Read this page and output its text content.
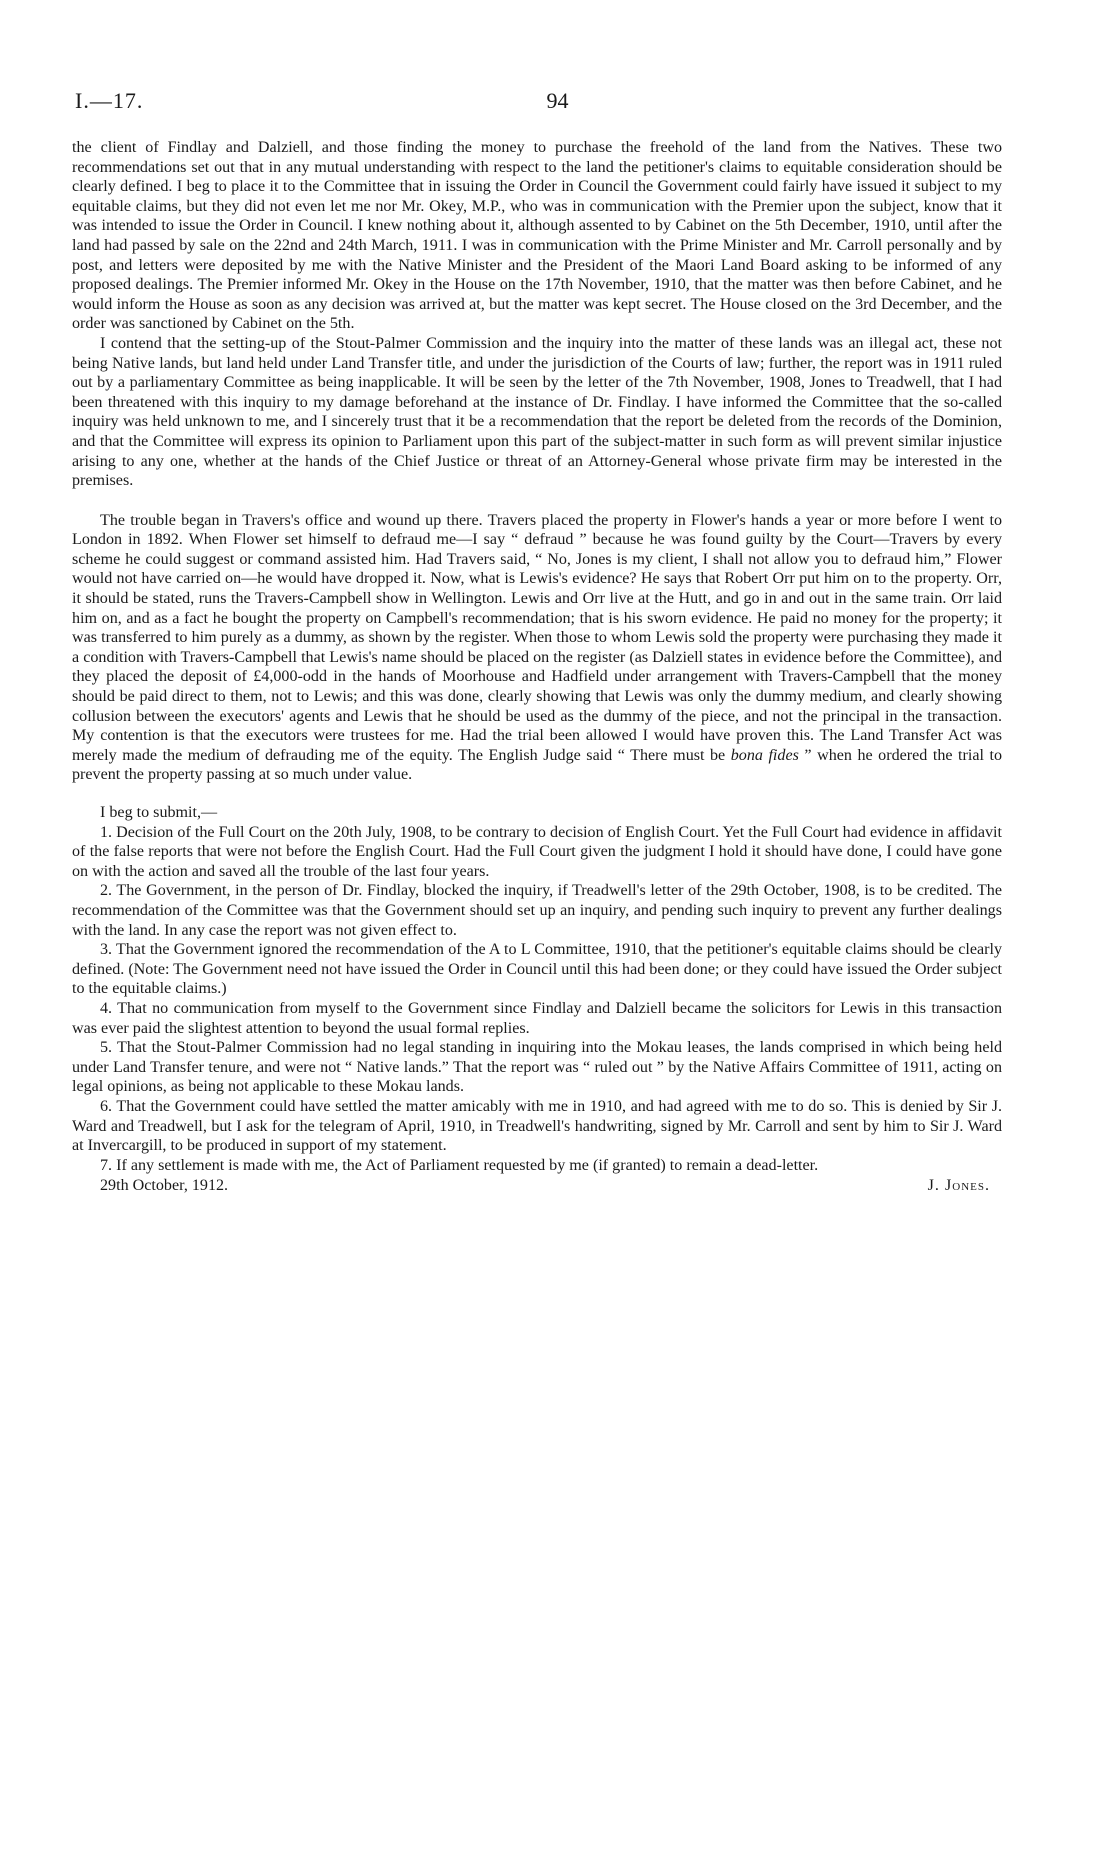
I.—17.	94

the client of Findlay and Dalziell, and those finding the money to purchase the freehold of the land from the Natives. These two recommendations set out that in any mutual understanding with respect to the land the petitioner's claims to equitable consideration should be clearly defined. I beg to place it to the Committee that in issuing the Order in Council the Government could fairly have issued it subject to my equitable claims, but they did not even let me nor Mr. Okey, M.P., who was in communication with the Premier upon the subject, know that it was intended to issue the Order in Council. I knew nothing about it, although assented to by Cabinet on the 5th December, 1910, until after the land had passed by sale on the 22nd and 24th March, 1911. I was in communication with the Prime Minister and Mr. Carroll personally and by post, and letters were deposited by me with the Native Minister and the President of the Maori Land Board asking to be informed of any proposed dealings. The Premier informed Mr. Okey in the House on the 17th November, 1910, that the matter was then before Cabinet, and he would inform the House as soon as any decision was arrived at, but the matter was kept secret. The House closed on the 3rd December, and the order was sanctioned by Cabinet on the 5th.

I contend that the setting-up of the Stout-Palmer Commission and the inquiry into the matter of these lands was an illegal act, these not being Native lands, but land held under Land Transfer title, and under the jurisdiction of the Courts of law; further, the report was in 1911 ruled out by a parliamentary Committee as being inapplicable. It will be seen by the letter of the 7th November, 1908, Jones to Treadwell, that I had been threatened with this inquiry to my damage beforehand at the instance of Dr. Findlay. I have informed the Committee that the so-called inquiry was held unknown to me, and I sincerely trust that it be a recommendation that the report be deleted from the records of the Dominion, and that the Committee will express its opinion to Parliament upon this part of the subject-matter in such form as will prevent similar injustice arising to any one, whether at the hands of the Chief Justice or threat of an Attorney-General whose private firm may be interested in the premises.

The trouble began in Travers's office and wound up there. Travers placed the property in Flower's hands a year or more before I went to London in 1892. When Flower set himself to defraud me—I say “ defraud ” because he was found guilty by the Court—Travers by every scheme he could suggest or command assisted him. Had Travers said, “ No, Jones is my client, I shall not allow you to defraud him,” Flower would not have carried on—he would have dropped it. Now, what is Lewis's evidence? He says that Robert Orr put him on to the property. Orr, it should be stated, runs the Travers-Campbell show in Wellington. Lewis and Orr live at the Hutt, and go in and out in the same train. Orr laid him on, and as a fact he bought the property on Campbell's recommendation; that is his sworn evidence. He paid no money for the property; it was transferred to him purely as a dummy, as shown by the register. When those to whom Lewis sold the property were purchasing they made it a condition with Travers-Campbell that Lewis's name should be placed on the register (as Dalziell states in evidence before the Committee), and they placed the deposit of £4,000-odd in the hands of Moorhouse and Hadfield under arrangement with Travers-Campbell that the money should be paid direct to them, not to Lewis; and this was done, clearly showing that Lewis was only the dummy medium, and clearly showing collusion between the executors' agents and Lewis that he should be used as the dummy of the piece, and not the principal in the transaction. My contention is that the executors were trustees for me. Had the trial been allowed I would have proven this. The Land Transfer Act was merely made the medium of defrauding me of the equity. The English Judge said “ There must be bona fides ” when he ordered the trial to prevent the property passing at so much under value.

I beg to submit,—

1. Decision of the Full Court on the 20th July, 1908, to be contrary to decision of English Court. Yet the Full Court had evidence in affidavit of the false reports that were not before the English Court. Had the Full Court given the judgment I hold it should have done, I could have gone on with the action and saved all the trouble of the last four years.

2. The Government, in the person of Dr. Findlay, blocked the inquiry, if Treadwell's letter of the 29th October, 1908, is to be credited. The recommendation of the Committee was that the Government should set up an inquiry, and pending such inquiry to prevent any further dealings with the land. In any case the report was not given effect to.

3. That the Government ignored the recommendation of the A to L Committee, 1910, that the petitioner's equitable claims should be clearly defined. (Note: The Government need not have issued the Order in Council until this had been done; or they could have issued the Order subject to the equitable claims.)

4. That no communication from myself to the Government since Findlay and Dalziell became the solicitors for Lewis in this transaction was ever paid the slightest attention to beyond the usual formal replies.

5. That the Stout-Palmer Commission had no legal standing in inquiring into the Mokau leases, the lands comprised in which being held under Land Transfer tenure, and were not “ Native lands.” That the report was “ ruled out ” by the Native Affairs Committee of 1911, acting on legal opinions, as being not applicable to these Mokau lands.

6. That the Government could have settled the matter amicably with me in 1910, and had agreed with me to do so. This is denied by Sir J. Ward and Treadwell, but I ask for the telegram of April, 1910, in Treadwell's handwriting, signed by Mr. Carroll and sent by him to Sir J. Ward at Invercargill, to be produced in support of my statement.

7. If any settlement is made with me, the Act of Parliament requested by me (if granted) to remain a dead-letter.

29th October, 1912.	J. Jones.
